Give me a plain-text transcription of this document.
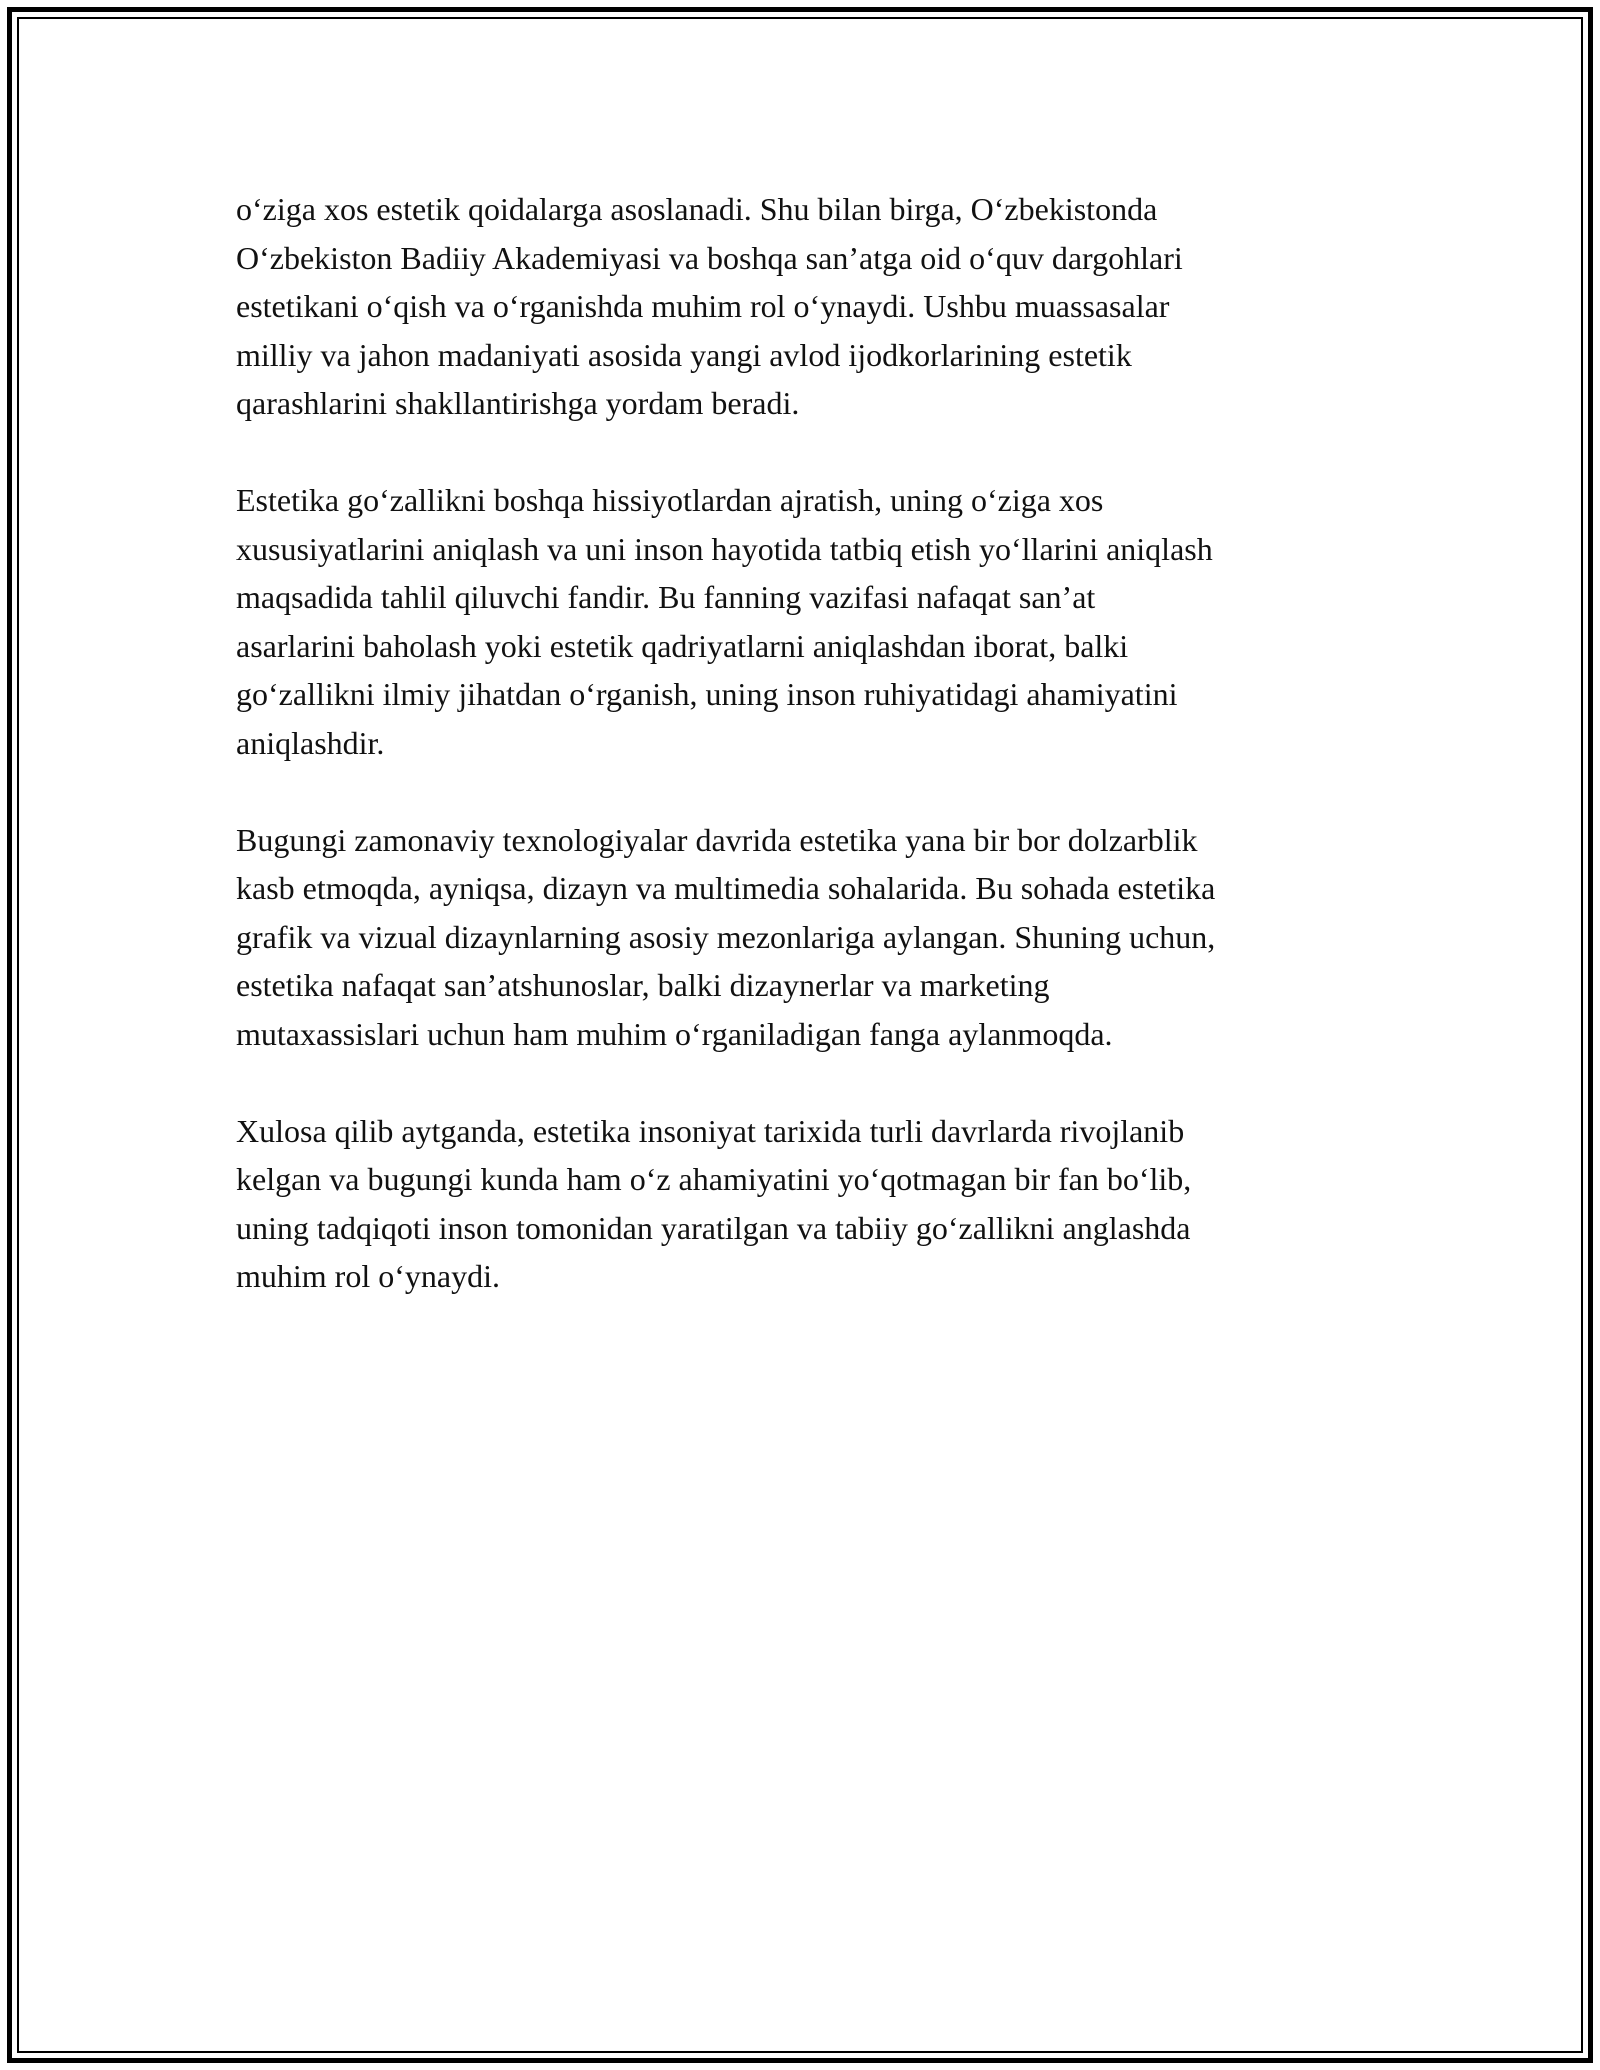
o‘ziga xos estetik qoidalarga asoslanadi. Shu bilan birga, O‘zbekistonda
O‘zbekiston Badiiy Akademiyasi va boshqa san’atga oid o‘quv dargohlari
estetikani o‘qish va o‘rganishda muhim rol o‘ynaydi. Ushbu muassasalar
milliy va jahon madaniyati asosida yangi avlod ijodkorlarining estetik
qarashlarini shakllantirishga yordam beradi.

Estetika go‘zallikni boshqa hissiyotlardan ajratish, uning o‘ziga xos
xususiyatlarini aniqlash va uni inson hayotida tatbiq etish yo‘llarini aniqlash
maqsadida tahlil qiluvchi fandir. Bu fanning vazifasi nafaqat san’at
asarlarini baholash yoki estetik qadriyatlarni aniqlashdan iborat, balki
go‘zallikni ilmiy jihatdan o‘rganish, uning inson ruhiyatidagi ahamiyatini
aniqlashdir.

Bugungi zamonaviy texnologiyalar davrida estetika yana bir bor dolzarblik
kasb etmoqda, ayniqsa, dizayn va multimedia sohalarida. Bu sohada estetika
grafik va vizual dizaynlarning asosiy mezonlariga aylangan. Shuning uchun,
estetika nafaqat san’atshunoslar, balki dizaynerlar va marketing
mutaxassislari uchun ham muhim o‘rganiladigan fanga aylanmoqda.

Xulosa qilib aytganda, estetika insoniyat tarixida turli davrlarda rivojlanib
kelgan va bugungi kunda ham o‘z ahamiyatini yo‘qotmagan bir fan bo‘lib,
uning tadqiqoti inson tomonidan yaratilgan va tabiiy go‘zallikni anglashda
muhim rol o‘ynaydi.
